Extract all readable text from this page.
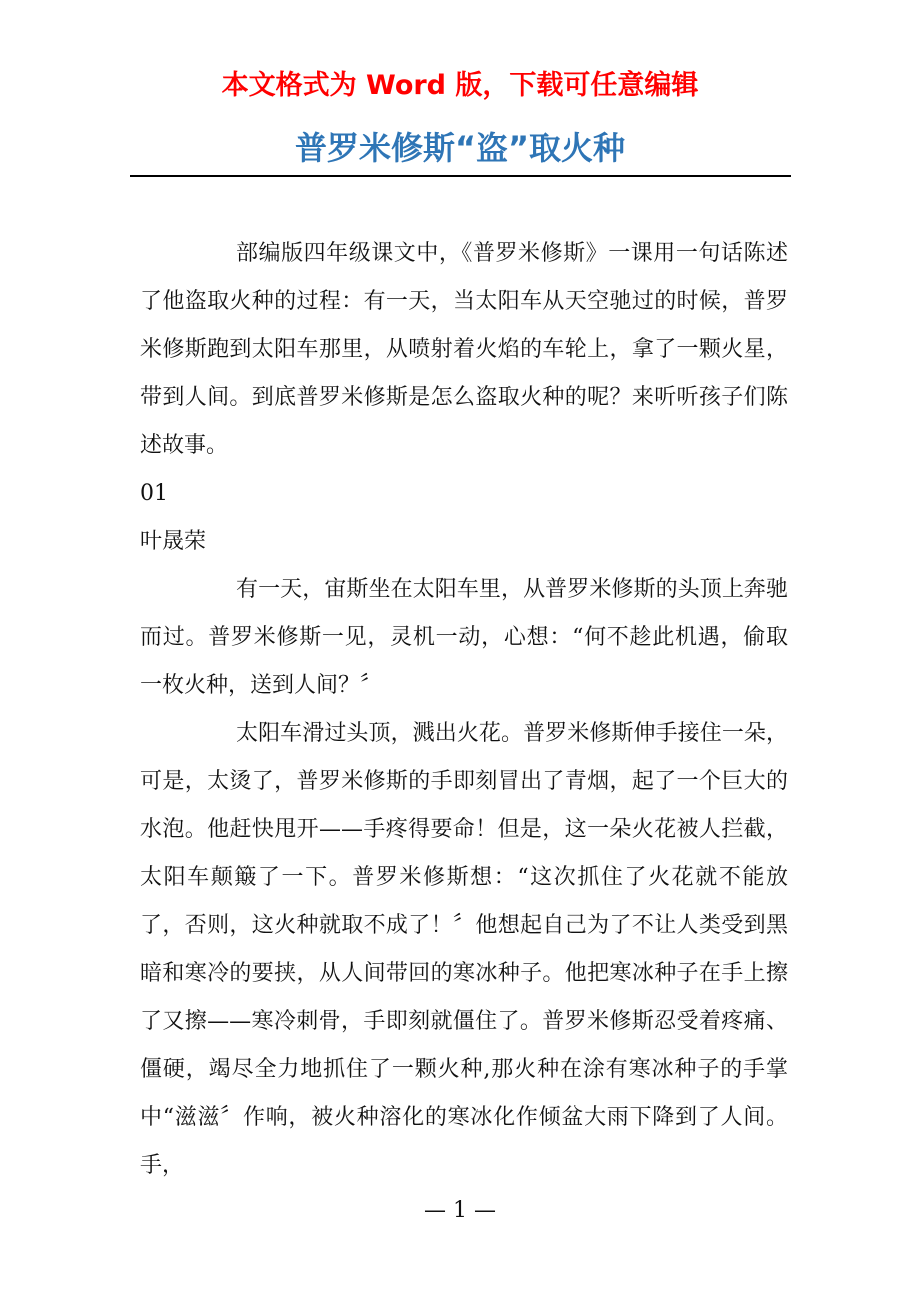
本文格式为 Word 版，下载可任意编辑
普罗米修斯“盗”取火种

部编版四年级课文中，《普罗米修斯》一课用一句话陈述了他盗取火种的过程：有一天，当太阳车从天空驰过的时候，普罗米修斯跑到太阳车那里，从喷射着火焰的车轮上，拿了一颗火星，带到人间。到底普罗米修斯是怎么盗取火种的呢？来听听孩子们陈述故事。

01

叶晟荣

有一天，宙斯坐在太阳车里，从普罗米修斯的头顶上奔驰而过。普罗米修斯一见，灵机一动，心想：“何不趁此机遇，偷取一枚火种，送到人间？〞

太阳车滑过头顶，溅出火花。普罗米修斯伸手接住一朵，可是，太烫了，普罗米修斯的手即刻冒出了青烟，起了一个巨大的水泡。他赶快甩开——手疼得要命！但是，这一朵火花被人拦截，太阳车颠簸了一下。普罗米修斯想：“这次抓住了火花就不能放了，否则，这火种就取不成了！〞他想起自己为了不让人类受到黑暗和寒冷的要挟，从人间带回的寒冰种子。他把寒冰种子在手上擦了又擦——寒冷刺骨，手即刻就僵住了。普罗米修斯忍受着疼痛、僵硬，竭尽全力地抓住了一颗火种,那火种在涂有寒冰种子的手掌中“滋滋〞作响，被火种溶化的寒冰化作倾盆大雨下降到了人间。手，

— 1 —
